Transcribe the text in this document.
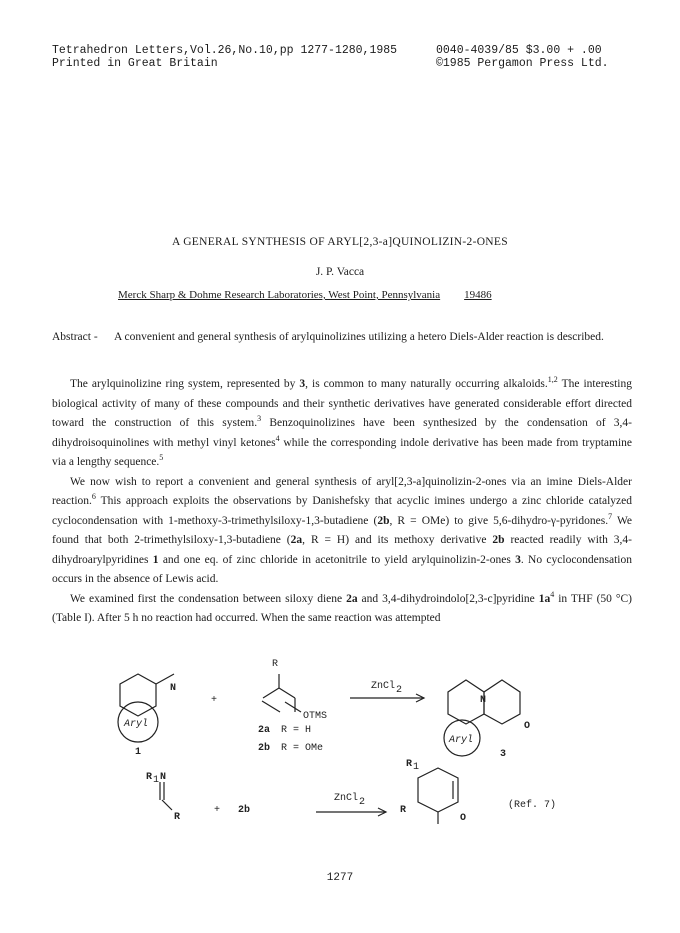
Tetrahedron Letters,Vol.26,No.10,pp 1277-1280,1985
Printed in Great Britain
0040-4039/85 $3.00 + .00
©1985 Pergamon Press Ltd.
A GENERAL SYNTHESIS OF ARYL[2,3-a]QUINOLIZIN-2-ONES
J. P. Vacca
Merck Sharp & Dohme Research Laboratories, West Point, Pennsylvania 19486
Abstract - A convenient and general synthesis of arylquinolizines utilizing a hetero Diels-Alder reaction is described.

The arylquinolizine ring system, represented by 3, is common to many naturally occurring alkaloids.$^{1,2}$ The interesting biological activity of many of these compounds and their synthetic derivatives have generated considerable effort directed toward the construction of this system.$^3$ Benzoquinolizines have been synthesized by the condensation of 3,4-dihydroisoquinolines with methyl vinyl ketones$^4$ while the corresponding indole derivative has been made from tryptamine via a lengthy sequence.$^5$

We now wish to report a convenient and general synthesis of aryl[2,3-a]quinolizin-2-ones via an imine Diels-Alder reaction.$^6$ This approach exploits the observations by Danishefsky that acyclic imines undergo a zinc chloride catalyzed cyclocondensation with 1-methoxy-3-trimethylsiloxy-1,3-butadiene (2b, R = OMe) to give 5,6-dihydro-γ-pyridones.$^7$ We found that both 2-trimethylsiloxy-1,3-butadiene (2a, R = H) and its methoxy derivative 2b reacted readily with 3,4-dihydroarylpyridines 1 and one eq. of zinc chloride in acetonitrile to yield arylquinolizin-2-ones 3. No cyclocondensation occurs in the absence of Lewis acid.

We examined first the condensation between siloxy diene 2a and 3,4-dihydroindolo[2,3-c]pyridine $1a^4$ in THF (50 °C) (Table I). After 5 h no reaction had occurred. When the same reaction was attempted

R
N
Aryl
1
+
OTMS
2a R = H
2b R = OMe
ZnCl 2
N
Aryl
O
3
R 1 N
R
+ 2b
ZnCl 2
R 1
R
O
(Ref. 7)
1277
